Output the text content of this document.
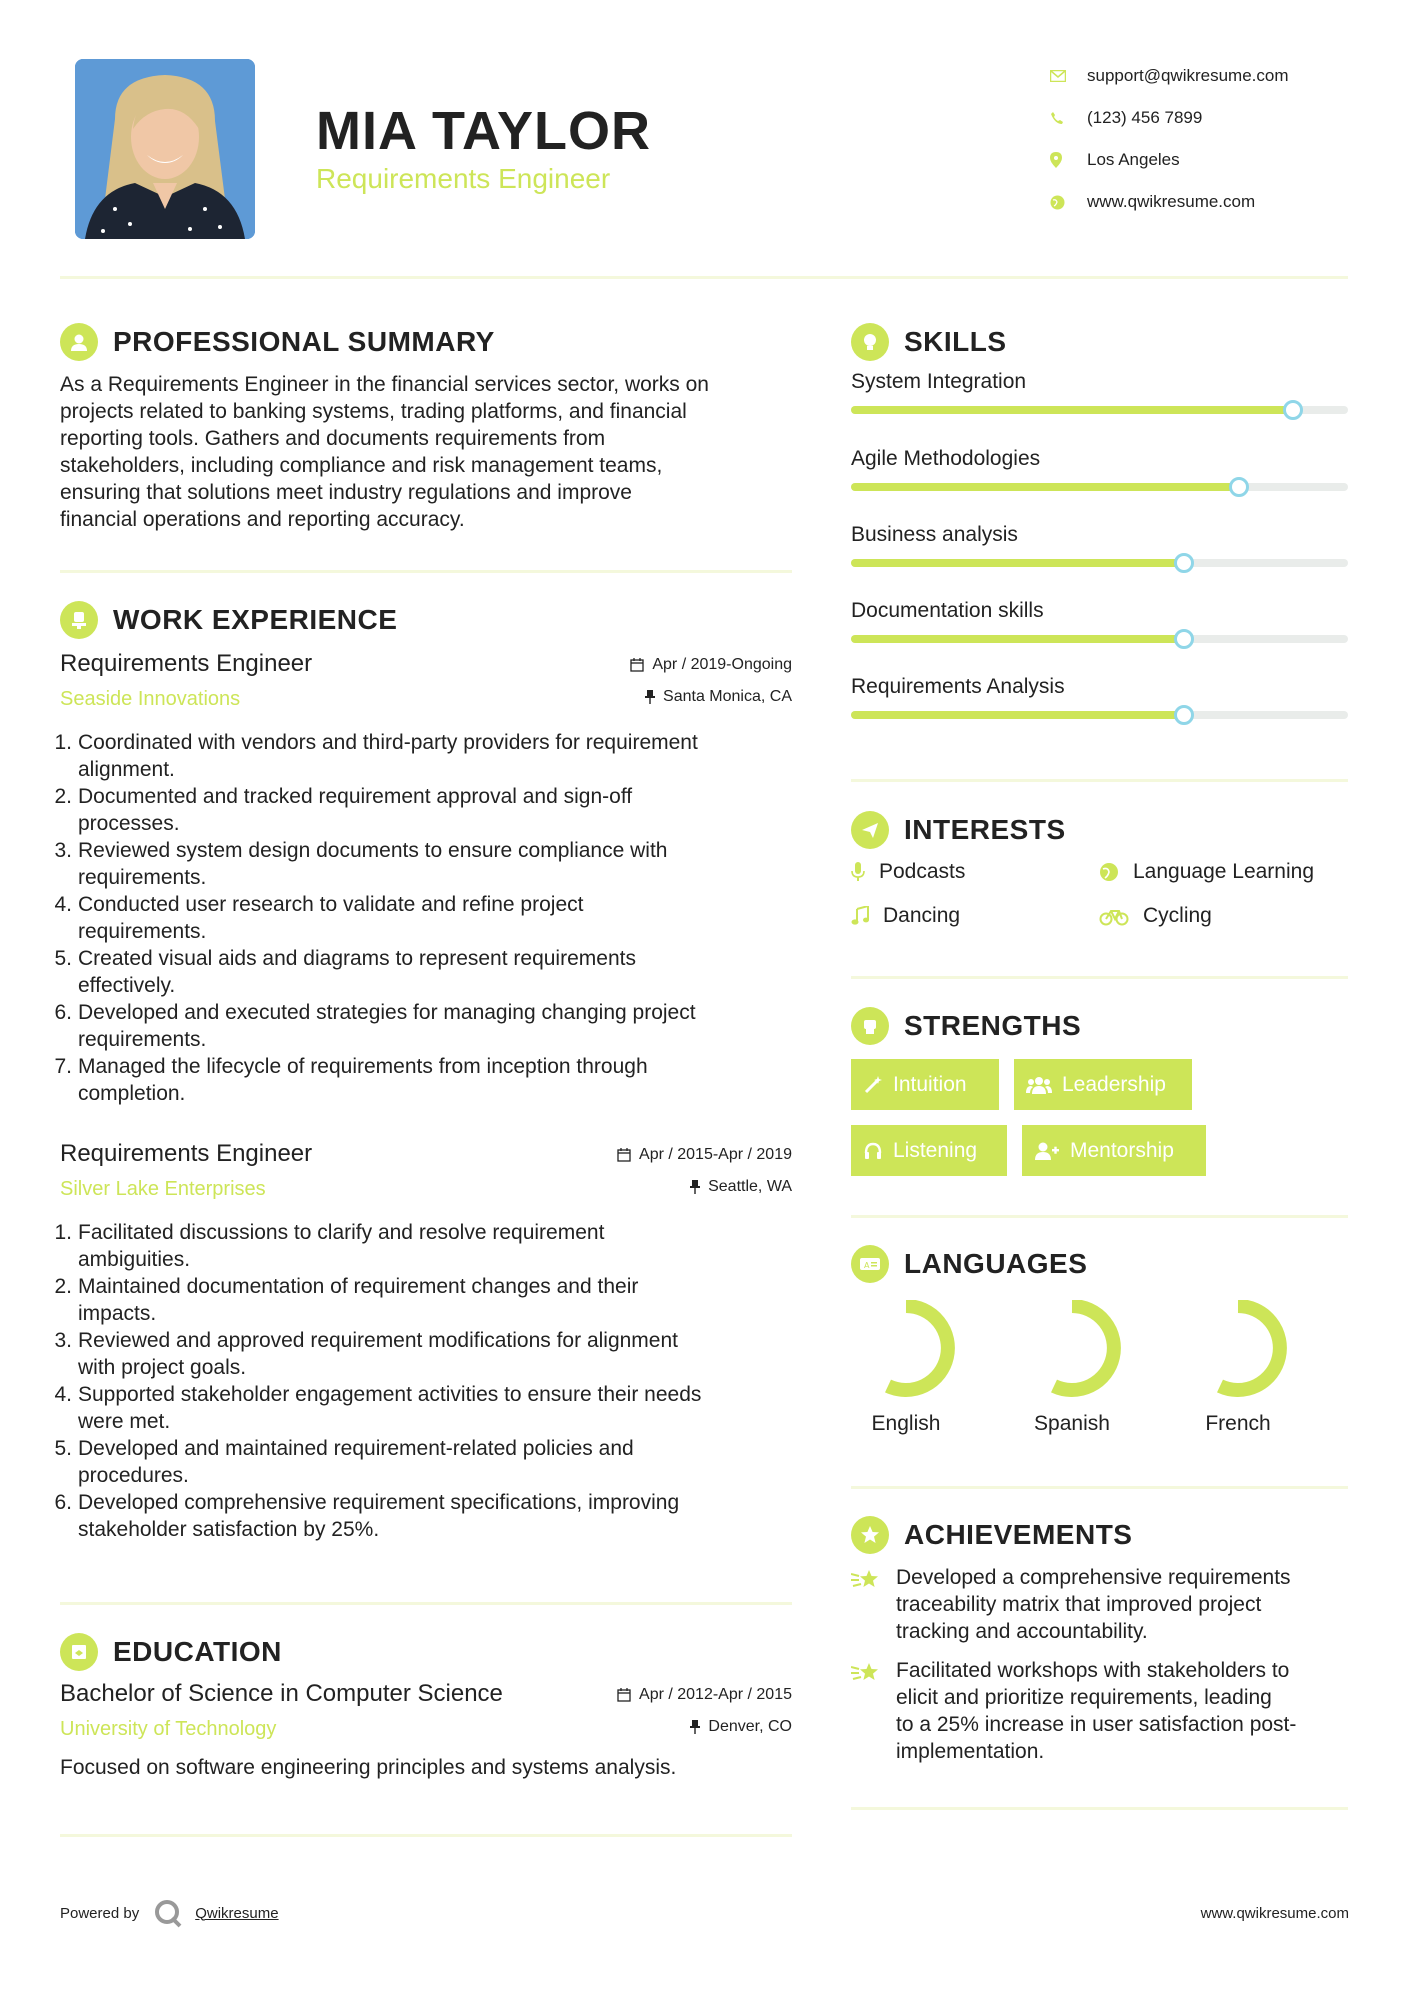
MIA TAYLOR
Requirements Engineer
support@qwikresume.com
(123) 456 7899
Los Angeles
www.qwikresume.com
PROFESSIONAL SUMMARY
As a Requirements Engineer in the financial services sector, works on
projects related to banking systems, trading platforms, and financial
reporting tools. Gathers and documents requirements from
stakeholders, including compliance and risk management teams,
ensuring that solutions meet industry regulations and improve
financial operations and reporting accuracy.
WORK EXPERIENCE
Requirements Engineer	Apr / 2019-Ongoing
Seaside Innovations	Santa Monica, CA
1. Coordinated with vendors and third-party providers for requirement
alignment.
2. Documented and tracked requirement approval and sign-off
processes.
3. Reviewed system design documents to ensure compliance with
requirements.
4. Conducted user research to validate and refine project
requirements.
5. Created visual aids and diagrams to represent requirements
effectively.
6. Developed and executed strategies for managing changing project
requirements.
7. Managed the lifecycle of requirements from inception through
completion.
Requirements Engineer	Apr / 2015-Apr / 2019
Silver Lake Enterprises	Seattle, WA
1. Facilitated discussions to clarify and resolve requirement
ambiguities.
2. Maintained documentation of requirement changes and their
impacts.
3. Reviewed and approved requirement modifications for alignment
with project goals.
4. Supported stakeholder engagement activities to ensure their needs
were met.
5. Developed and maintained requirement-related policies and
procedures.
6. Developed comprehensive requirement specifications, improving
stakeholder satisfaction by 25%.
EDUCATION
Bachelor of Science in Computer Science	Apr / 2012-Apr / 2015
University of Technology	Denver, CO
Focused on software engineering principles and systems analysis.
SKILLS
System Integration
Agile Methodologies
Business analysis
Documentation skills
Requirements Analysis
INTERESTS
Podcasts	Language Learning
Dancing	Cycling
STRENGTHS
Intuition	Leadership
Listening	Mentorship
A LANGUAGES
English	Spanish	French
ACHIEVEMENTS
Developed a comprehensive requirements
traceability matrix that improved project
tracking and accountability.
Facilitated workshops with stakeholders to
elicit and prioritize requirements, leading
to a 25% increase in user satisfaction post-
implementation.
Powered by	Qwikresume	www.qwikresume.com
